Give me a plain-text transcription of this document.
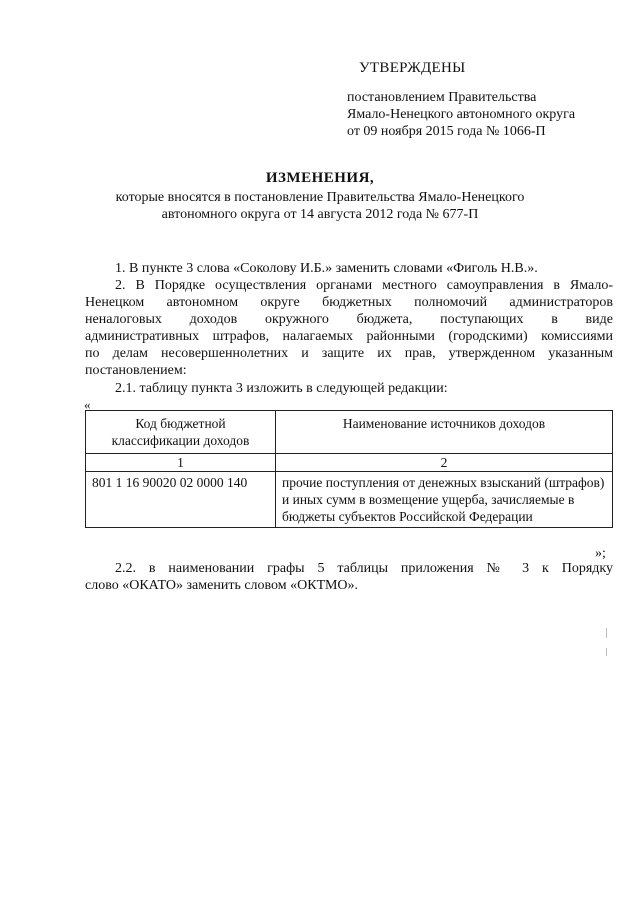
УТВЕРЖДЕНЫ
постановлением Правительства
Ямало-Ненецкого автономного округа
от 09 ноября 2015 года № 1066-П
ИЗМЕНЕНИЯ,
которые вносятся в постановление Правительства Ямало-Ненецкого
автономного округа от 14 августа 2012 года № 677-П
1. В пункте 3 слова «Соколову И.Б.» заменить словами «Фиголь Н.В.».
2. В Порядке осуществления органами местного самоуправления в Ямало-
Ненецком автономном округе бюджетных полномочий администраторов
неналоговых доходов окружного бюджета, поступающих в виде
административных штрафов, налагаемых районными (городскими) комиссиями
по делам несовершеннолетних и защите их прав, утвержденном указанным
постановлением:
2.1. таблицу пункта 3 изложить в следующей редакции:
«
Код бюджетной классификации доходов	Наименование источников доходов
1	2
801 1 16 90020 02 0000 140	прочие поступления от денежных взысканий (штрафов) и иных сумм в возмещение ущерба, зачисляемые в бюджеты субъектов Российской Федерации
»;
2.2. в наименовании графы 5 таблицы приложения № 3 к Порядку
слово «ОКАТО» заменить словом «ОКТМО».
